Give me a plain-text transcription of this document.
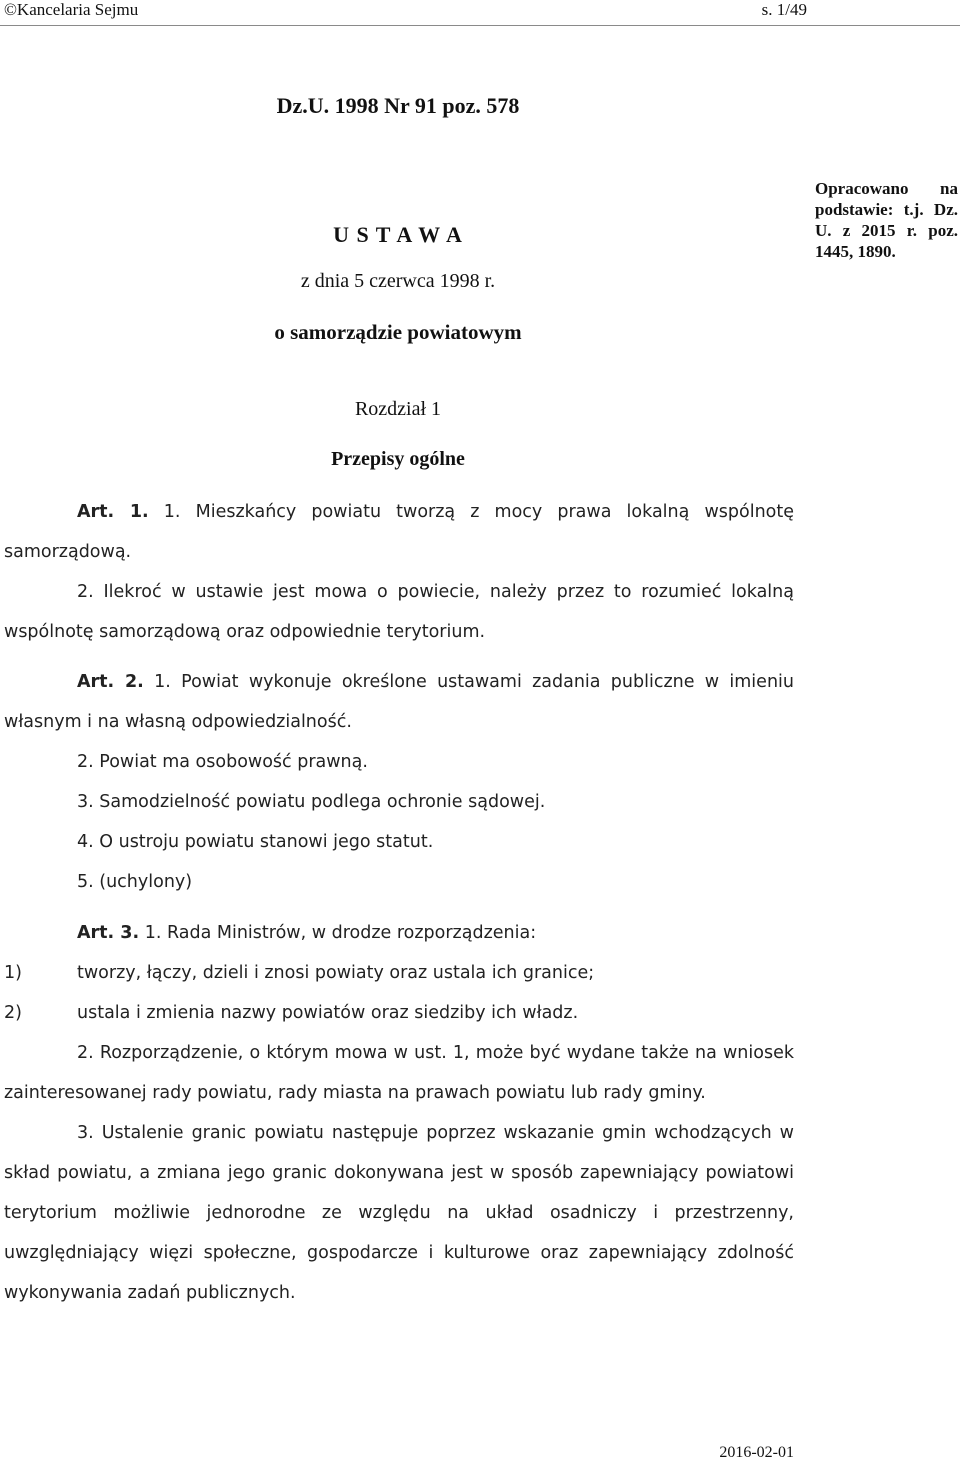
©Kancelaria Sejmu	s. 1/49
Dz.U. 1998 Nr 91 poz. 578
U S T A W A
z dnia 5 czerwca 1998 r.
o samorządzie powiatowym
Opracowano na podstawie: t.j. Dz. U. z 2015 r. poz. 1445, 1890.
Rozdział 1
Przepisy ogólne

Art. 1. 1. Mieszkańcy powiatu tworzą z mocy prawa lokalną wspólnotę samorządową.

2. Ilekroć w ustawie jest mowa o powiecie, należy przez to rozumieć lokalną wspólnotę samorządową oraz odpowiednie terytorium.

Art. 2. 1. Powiat wykonuje określone ustawami zadania publiczne w imieniu własnym i na własną odpowiedzialność.

2. Powiat ma osobowość prawną.

3. Samodzielność powiatu podlega ochronie sądowej.

4. O ustroju powiatu stanowi jego statut.

5. (uchylony)

Art. 3. 1. Rada Ministrów, w drodze rozporządzenia:

1)	tworzy, łączy, dzieli i znosi powiaty oraz ustala ich granice;
2)	ustala i zmienia nazwy powiatów oraz siedziby ich władz.

2. Rozporządzenie, o którym mowa w ust. 1, może być wydane także na wniosek zainteresowanej rady powiatu, rady miasta na prawach powiatu lub rady gminy.

3. Ustalenie granic powiatu następuje poprzez wskazanie gmin wchodzących w skład powiatu, a zmiana jego granic dokonywana jest w sposób zapewniający powiatowi terytorium możliwie jednorodne ze względu na układ osadniczy i przestrzenny, uwzględniający więzi społeczne, gospodarcze i kulturowe oraz zapewniający zdolność wykonywania zadań publicznych.

2016-02-01
